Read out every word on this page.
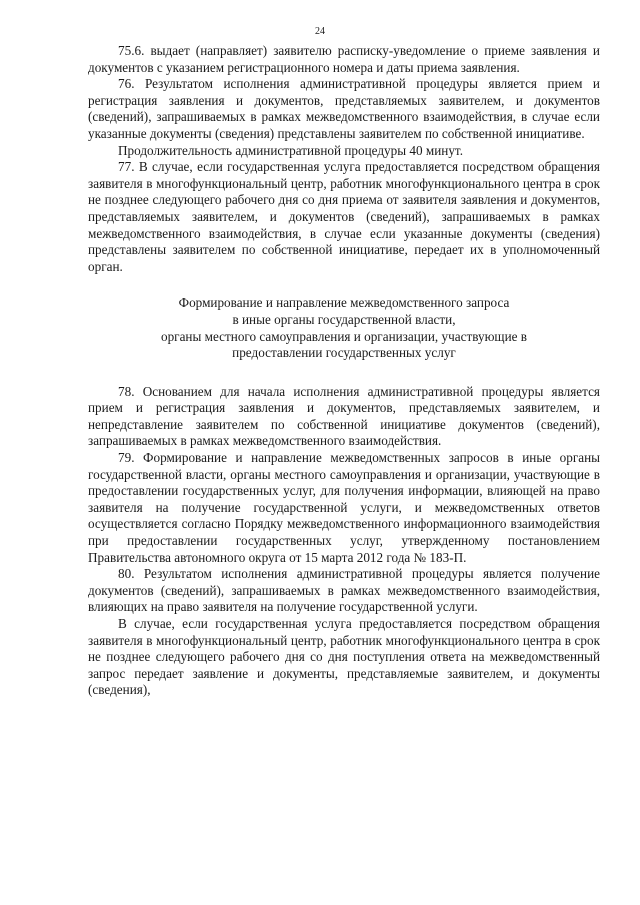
24

75.6. выдает (направляет) заявителю расписку-уведомление о приеме заявления и документов с указанием регистрационного номера и даты приема заявления.

76. Результатом исполнения административной процедуры является прием и регистрация заявления и документов, представляемых заявителем, и документов (сведений), запрашиваемых в рамках межведомственного взаимодействия, в случае если указанные документы (сведения) представлены заявителем по собственной инициативе.

Продолжительность административной процедуры 40 минут.

77. В случае, если государственная услуга предоставляется посредством обращения заявителя в многофункциональный центр, работник многофункционального центра в срок не позднее следующего рабочего дня со дня приема от заявителя заявления и документов, представляемых заявителем, и документов (сведений), запрашиваемых в рамках межведомственного взаимодействия, в случае если указанные документы (сведения) представлены заявителем по собственной инициативе, передает их в уполномоченный орган.

Формирование и направление межведомственного запроса
в иные органы государственной власти,
органы местного самоуправления и организации, участвующие в
предоставлении государственных услуг

78. Основанием для начала исполнения административной процедуры является прием и регистрация заявления и документов, представляемых заявителем, и непредставление заявителем по собственной инициативе документов (сведений), запрашиваемых в рамках межведомственного взаимодействия.

79. Формирование и направление межведомственных запросов в иные органы государственной власти, органы местного самоуправления и организации, участвующие в предоставлении государственных услуг, для получения информации, влияющей на право заявителя на получение государственной услуги, и межведомственных ответов осуществляется согласно Порядку межведомственного информационного взаимодействия при предоставлении государственных услуг, утвержденному постановлением Правительства автономного округа от 15 марта 2012 года № 183-П.

80. Результатом исполнения административной процедуры является получение документов (сведений), запрашиваемых в рамках межведомственного взаимодействия, влияющих на право заявителя на получение государственной услуги.

В случае, если государственная услуга предоставляется посредством обращения заявителя в многофункциональный центр, работник многофункционального центра в срок не позднее следующего рабочего дня со дня поступления ответа на межведомственный запрос передает заявление и документы, представляемые заявителем, и документы (сведения),
